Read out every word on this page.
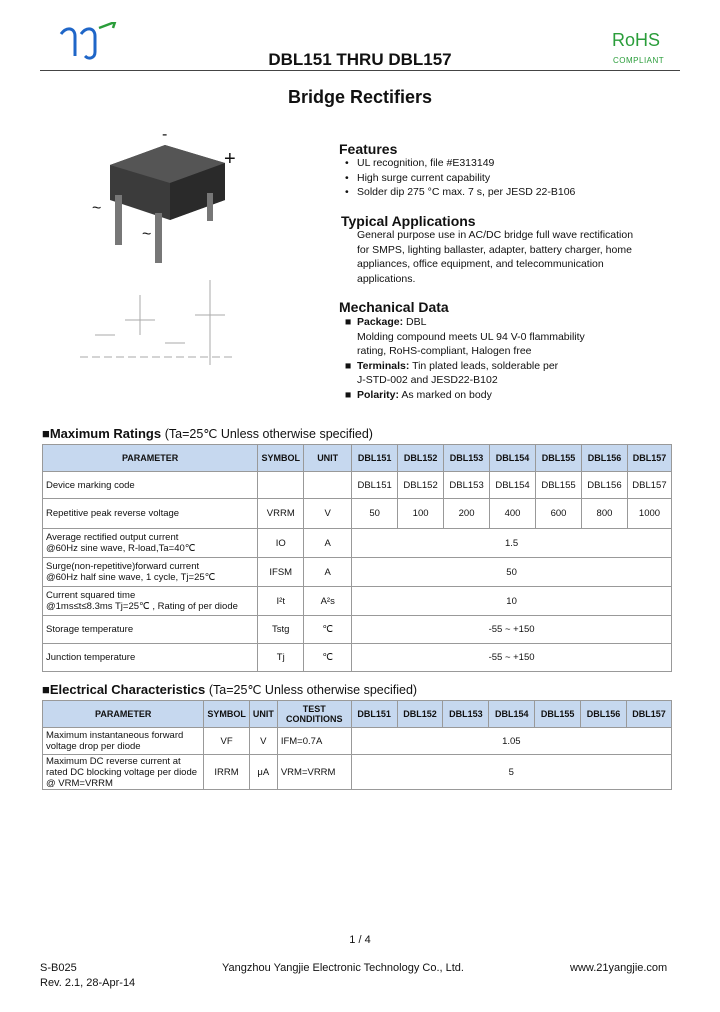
DBL151 THRU DBL157
RoHS
COMPLIANT
Bridge Rectifiers
-
+
~
~
Features
• UL recognition, file #E313149
• High surge current capability
• Solder dip 275 °C max. 7 s, per JESD 22-B106
Typical Applications
General purpose use in AC/DC bridge full wave rectification
for SMPS, lighting ballaster, adapter, battery charger, home
appliances, office equipment, and telecommunication
applications.
Mechanical Data
■ Package: DBL
Molding compound meets UL 94 V-0 flammability
rating, RoHS-compliant, Halogen free
■ Terminals: Tin plated leads, solderable per
J-STD-002 and JESD22-B102
■ Polarity: As marked on body
■Maximum Ratings (Ta=25℃ Unless otherwise specified)
PARAMETER	SYMBOL	UNIT	DBL151	DBL152	DBL153	DBL154	DBL155	DBL156	DBL157
Device marking code			DBL151	DBL152	DBL153	DBL154	DBL155	DBL156	DBL157
Repetitive peak reverse voltage	VRRM	V	50	100	200	400	600	800	1000

Average rectified output current
@60Hz sine wave, R-load,Ta=40℃	IO	A	1.5						

Surge(non-repetitive)forward current
@60Hz half sine wave, 1 cycle, Tj=25℃	IFSM	A	50						

Current squared time
@1ms≤t≤8.3ms Tj=25℃ , Rating of per diode	I²t	A²s	10						
Storage temperature	Tstg	℃	-55 ~ +150						
Junction temperature	Tj	℃	-55 ~ +150						
■Electrical Characteristics (Ta=25℃ Unless otherwise specified)
PARAMETER	SYMBOL	UNIT	TEST CONDITIONS	DBL151	DBL152	DBL153	DBL154	DBL155	DBL156	DBL157

Maximum instantaneous forward
voltage drop per diode	VF	V	IFM=0.7A	1.05						

Maximum DC reverse current at
rated DC blocking voltage per diode
@ VRM=VRRM	IRRM	μA	VRM=VRRM	5						
1 / 4
S-B025
Rev. 2.1, 28-Apr-14
Yangzhou Yangjie Electronic Technology Co., Ltd.	www.21yangjie.com
